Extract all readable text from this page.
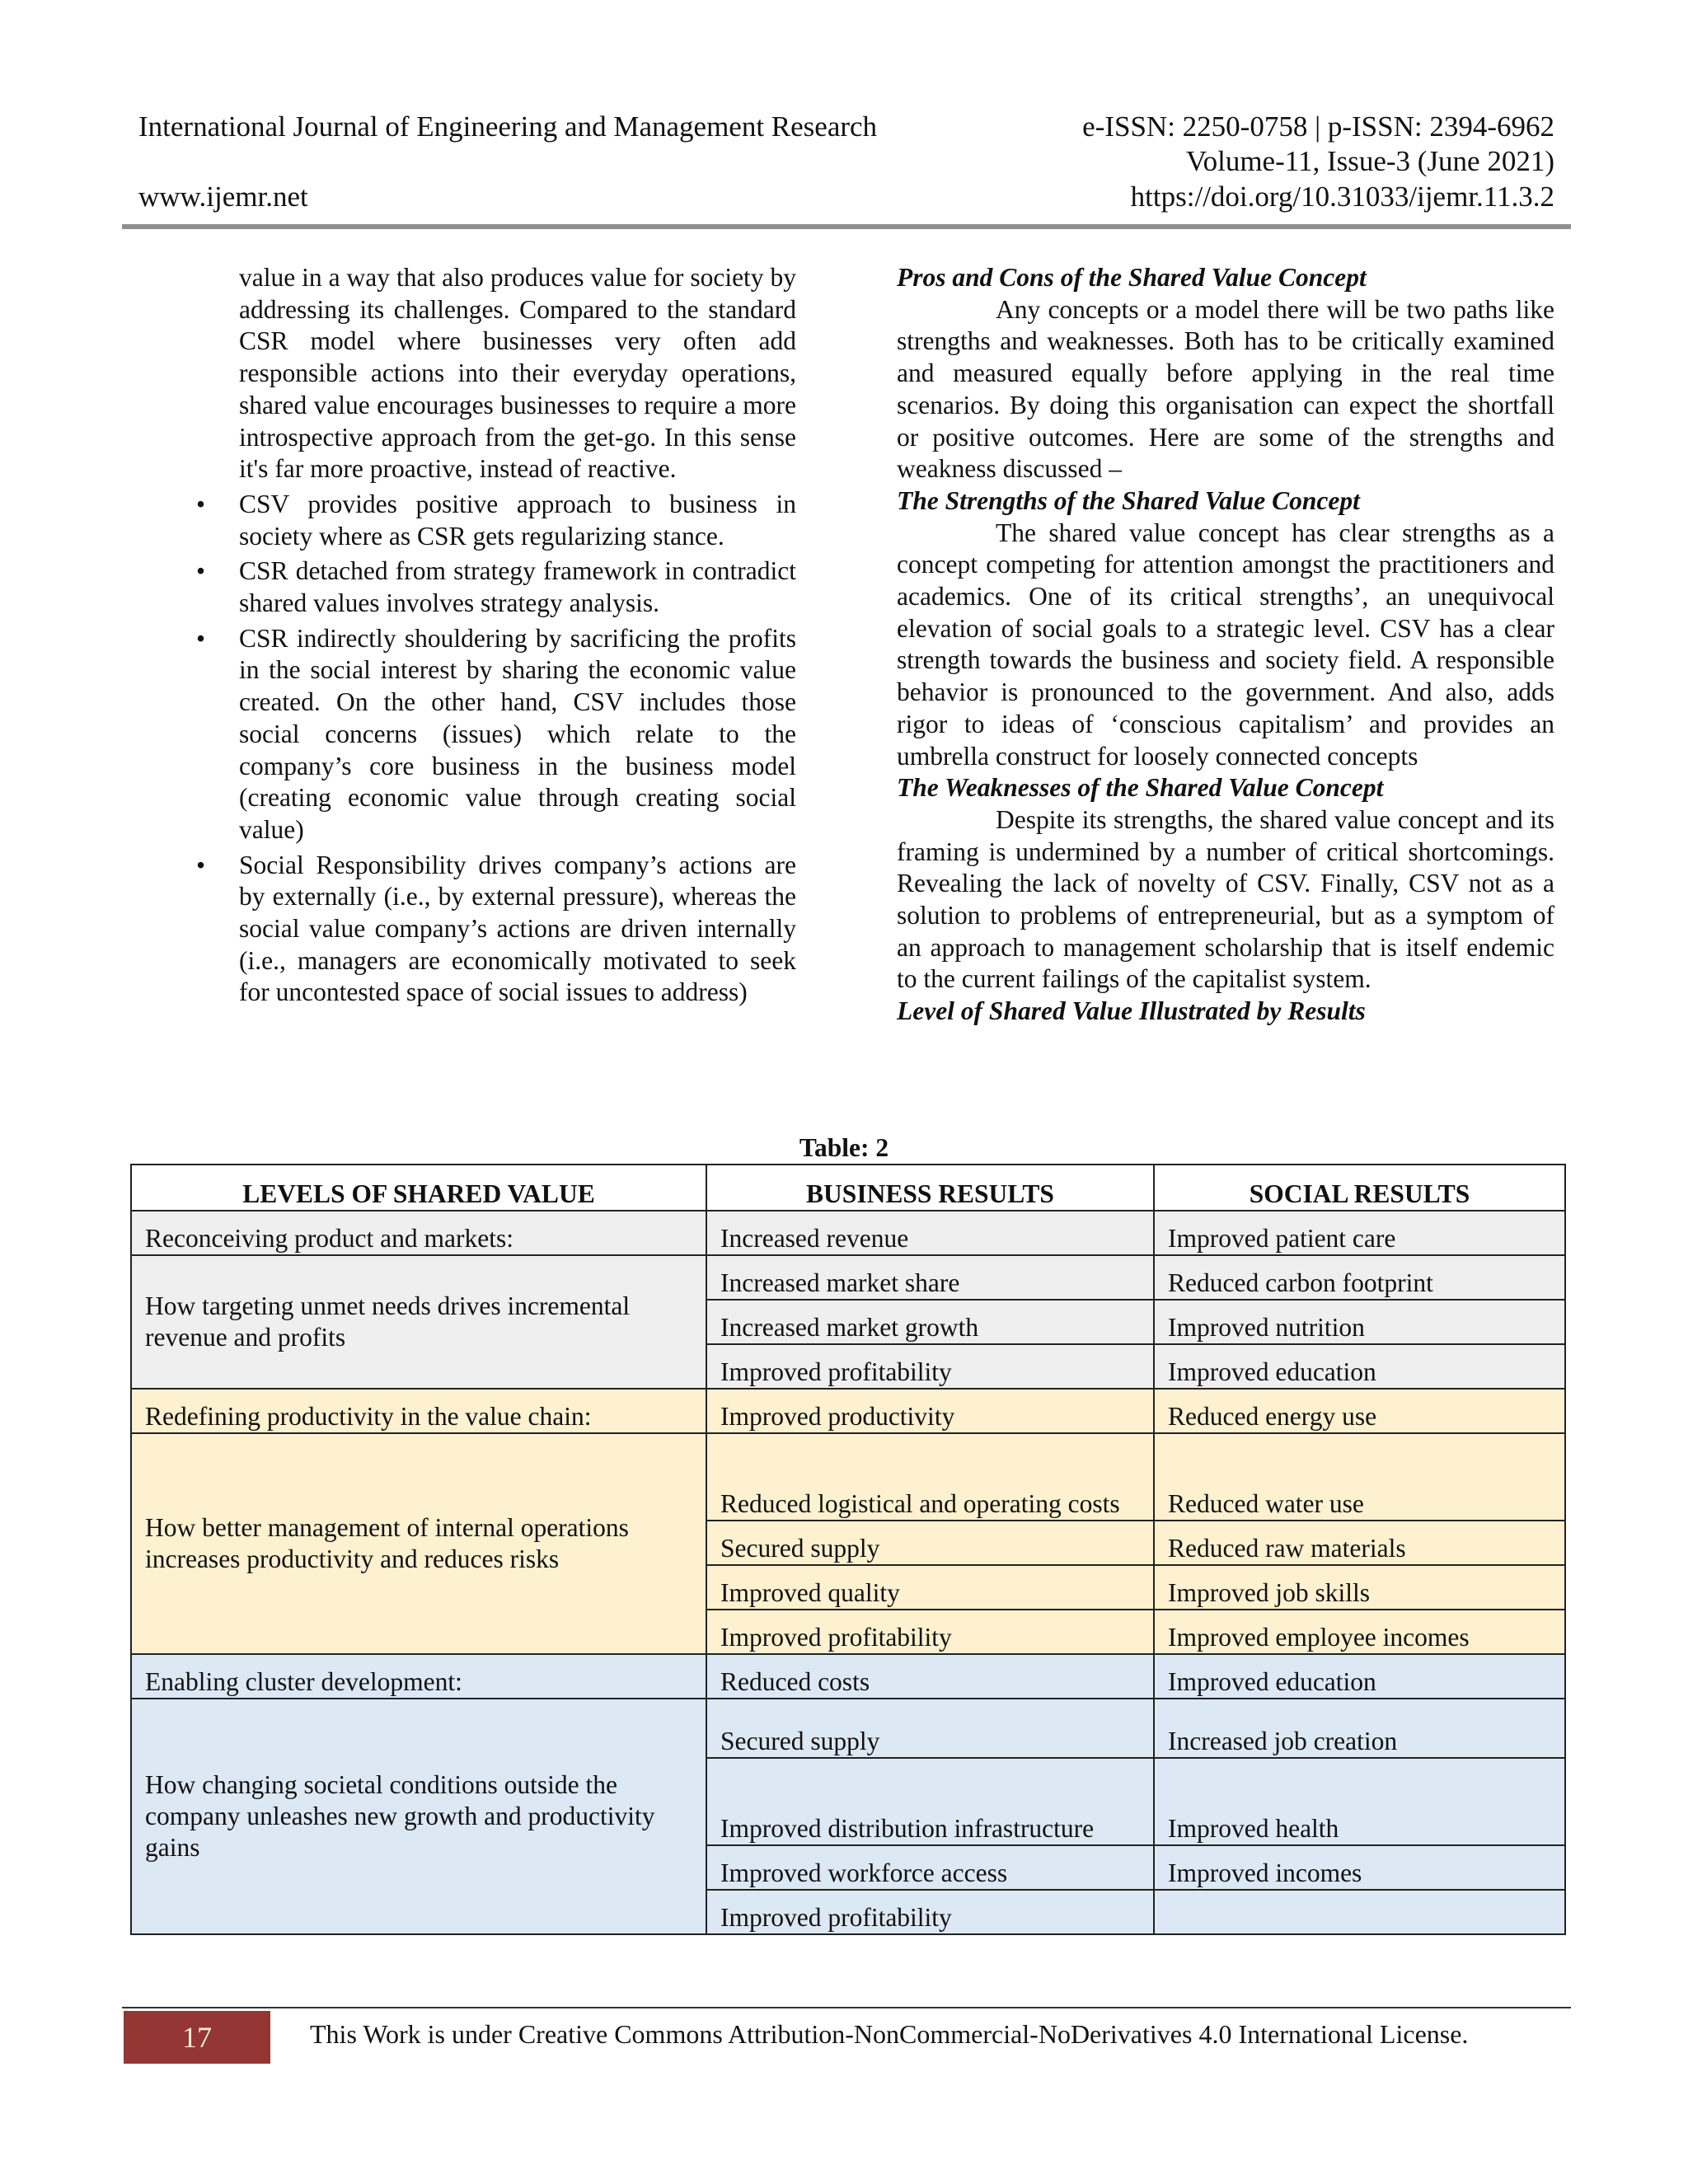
International Journal of Engineering and Management Research	e-ISSN: 2250-0758 | p-ISSN: 2394-6962
Volume-11, Issue-3 (June 2021)
www.ijemr.net	https://doi.org/10.31033/ijemr.11.3.2

value in a way that also produces value for society by addressing its challenges. Compared to the standard CSR model where businesses very often add responsible actions into their everyday operations, shared value encourages businesses to require a more introspective approach from the get-go. In this sense it's far more proactive, instead of reactive.

• CSV provides positive approach to business in society where as CSR gets regularizing stance.
• CSR detached from strategy framework in contradict shared values involves strategy analysis.
• CSR indirectly shouldering by sacrificing the profits in the social interest by sharing the economic value created. On the other hand, CSV includes those social concerns (issues) which relate to the company’s core business in the business model (creating economic value through creating social value)
• Social Responsibility drives company’s actions are by externally (i.e., by external pressure), whereas the social value company’s actions are driven internally (i.e., managers are economically motivated to seek for uncontested space of social issues to address)

Pros and Cons of the Shared Value Concept

Any concepts or a model there will be two paths like strengths and weaknesses. Both has to be critically examined and measured equally before applying in the real time scenarios. By doing this organisation can expect the shortfall or positive outcomes. Here are some of the strengths and weakness discussed –

The Strengths of the Shared Value Concept

The shared value concept has clear strengths as a concept competing for attention amongst the practitioners and academics. One of its critical strengths’, an unequivocal elevation of social goals to a strategic level. CSV has a clear strength towards the business and society field. A responsible behavior is pronounced to the government. And also, adds rigor to ideas of ‘conscious capitalism’ and provides an umbrella construct for loosely connected concepts

The Weaknesses of the Shared Value Concept

Despite its strengths, the shared value concept and its framing is undermined by a number of critical shortcomings. Revealing the lack of novelty of CSV. Finally, CSV not as a solution to problems of entrepreneurial, but as a symptom of an approach to management scholarship that is itself endemic to the current failings of the capitalist system.

Level of Shared Value Illustrated by Results

Table: 2
LEVELS OF SHARED VALUE	BUSINESS RESULTS	SOCIAL RESULTS
Reconceiving product and markets:	Increased revenue	Improved patient care
How targeting unmet needs drives incremental revenue and profits	Increased market share	Reduced carbon footprint
	Increased market growth	Improved nutrition
	Improved profitability	Improved education
Redefining productivity in the value chain:	Improved productivity	Reduced energy use
How better management of internal operations increases productivity and reduces risks	Reduced logistical and operating costs	Reduced water use
	Secured supply	Reduced raw materials
	Improved quality	Improved job skills
	Improved profitability	Improved employee incomes
Enabling cluster development:	Reduced costs	Improved education
How changing societal conditions outside the company unleashes new growth and productivity gains	Secured supply	Increased job creation
	Improved distribution infrastructure	Improved health
	Improved workforce access	Improved incomes
	Improved profitability	
17	This Work is under Creative Commons Attribution-NonCommercial-NoDerivatives 4.0 International License.
